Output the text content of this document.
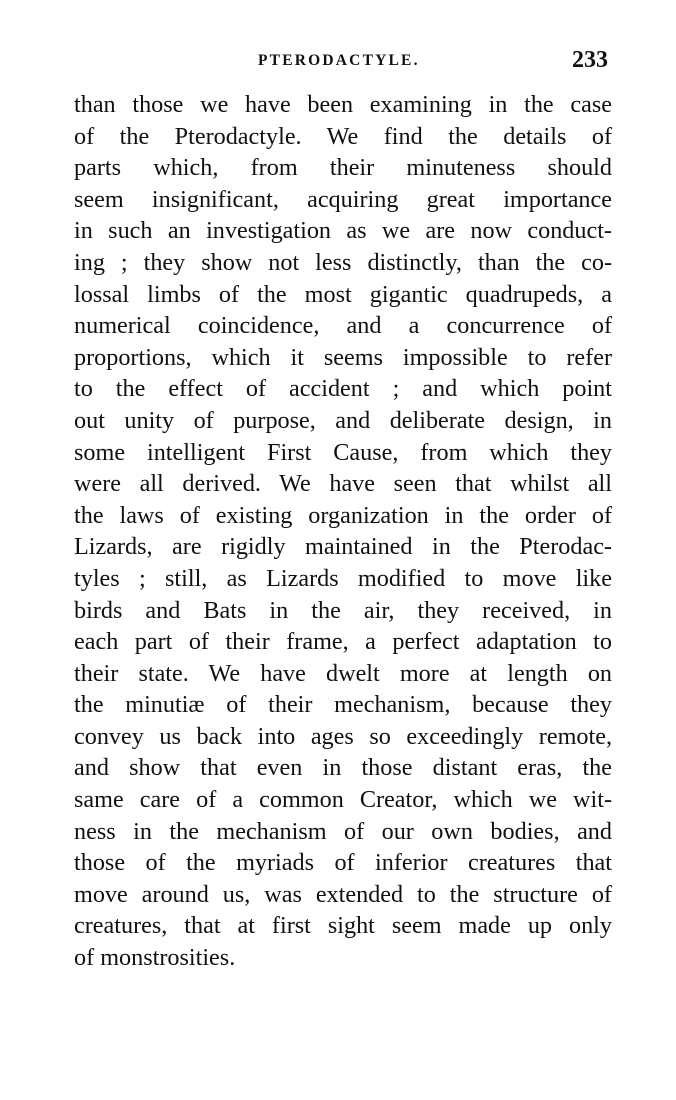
PTERODACTYLE.	233
than those we have been examining in the case
of the Pterodactyle. We find the details of
parts which, from their minuteness should
seem insignificant, acquiring great importance
in such an investigation as we are now conduct-
ing ; they show not less distinctly, than the co-
lossal limbs of the most gigantic quadrupeds, a
numerical coincidence, and a concurrence of
proportions, which it seems impossible to refer
to the effect of accident ; and which point
out unity of purpose, and deliberate design, in
some intelligent First Cause, from which they
were all derived. We have seen that whilst all
the laws of existing organization in the order of
Lizards, are rigidly maintained in the Pterodac-
tyles ; still, as Lizards modified to move like
birds and Bats in the air, they received, in
each part of their frame, a perfect adaptation to
their state. We have dwelt more at length on
the minutiæ of their mechanism, because they
convey us back into ages so exceedingly remote,
and show that even in those distant eras, the
same care of a common Creator, which we wit-
ness in the mechanism of our own bodies, and
those of the myriads of inferior creatures that
move around us, was extended to the structure of
creatures, that at first sight seem made up only
of monstrosities.
